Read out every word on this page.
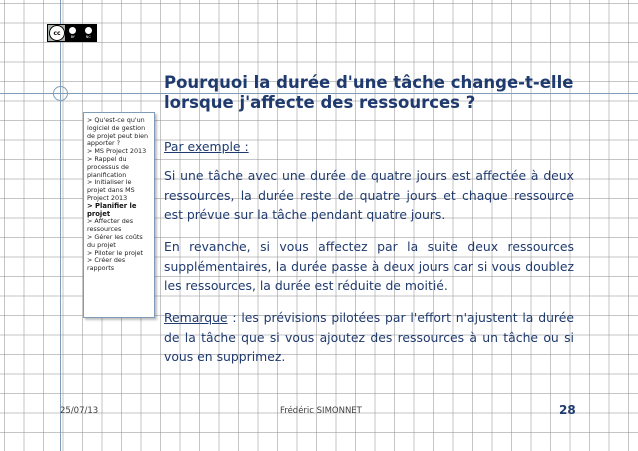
cc
BY	NC

> Qu'est-ce qu'un logiciel de gestion de projet peut bien apporter ?

> MS Project 2013

> Rappel du processus de planification

> Initialiser le projet dans MS Project 2013

> Planifier le projet

> Affecter des ressources

> Gérer les coûts du projet

> Piloter le projet

> Créer des rapports

Pourquoi la durée d'une tâche change-t-elle lorsque j'affecte des ressources ?

Par exemple :

Si une tâche avec une durée de quatre jours est affectée à deux ressources, la durée reste de quatre jours et chaque ressource est prévue sur la tâche pendant quatre jours.

En revanche, si vous affectez par la suite deux ressources supplémentaires, la durée passe à deux jours car si vous doublez les ressources, la durée est réduite de moitié.

Remarque : les prévisions pilotées par l'effort n'ajustent la durée de la tâche que si vous ajoutez des ressources à un tâche ou si vous en supprimez.

25/07/13	Frédéric SIMONNET	28
